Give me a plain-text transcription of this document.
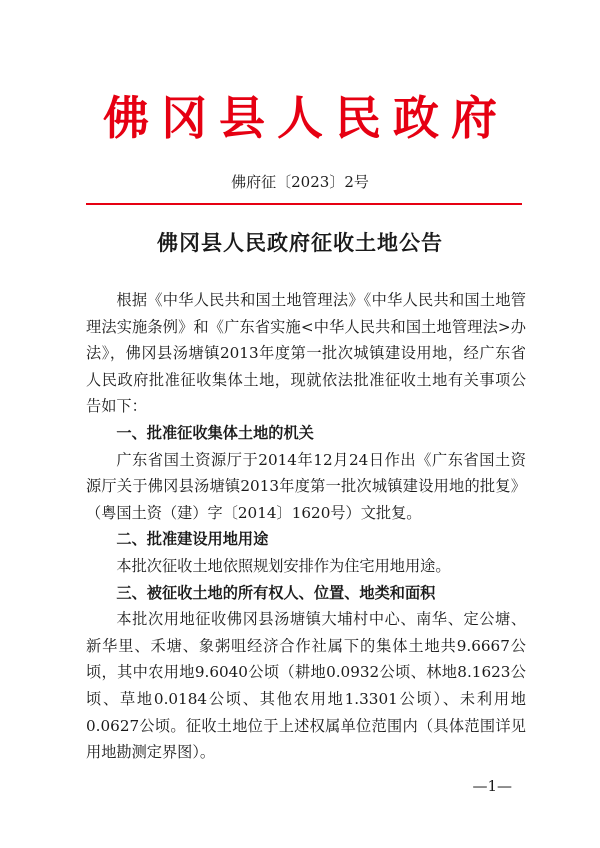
佛冈县人民政府
佛府征〔2023〕2号
佛冈县人民政府征收土地公告

根据《中华人民共和国土地管理法》《中华人民共和国土地管理法实施条例》和《广东省实施<中华人民共和国土地管理法>办法》，佛冈县汤塘镇2013年度第一批次城镇建设用地，经广东省人民政府批准征收集体土地，现就依法批准征收土地有关事项公告如下：

一、批准征收集体土地的机关

广东省国土资源厅于2014年12月24日作出《广东省国土资源厅关于佛冈县汤塘镇2013年度第一批次城镇建设用地的批复》（粤国土资（建）字〔2014〕1620号）文批复。

二、批准建设用地用途

本批次征收土地依照规划安排作为住宅用地用途。

三、被征收土地的所有权人、位置、地类和面积

本批次用地征收佛冈县汤塘镇大埔村中心、南华、定公塘、新华里、禾塘、象粥咀经济合作社属下的集体土地共9.6667公顷，其中农用地9.6040公顷（耕地0.0932公顷、林地8.1623公顷、草地0.0184公顷、其他农用地1.3301公顷）、未利用地0.0627公顷。征收土地位于上述权属单位范围内（具体范围详见用地勘测定界图）。

—1—
